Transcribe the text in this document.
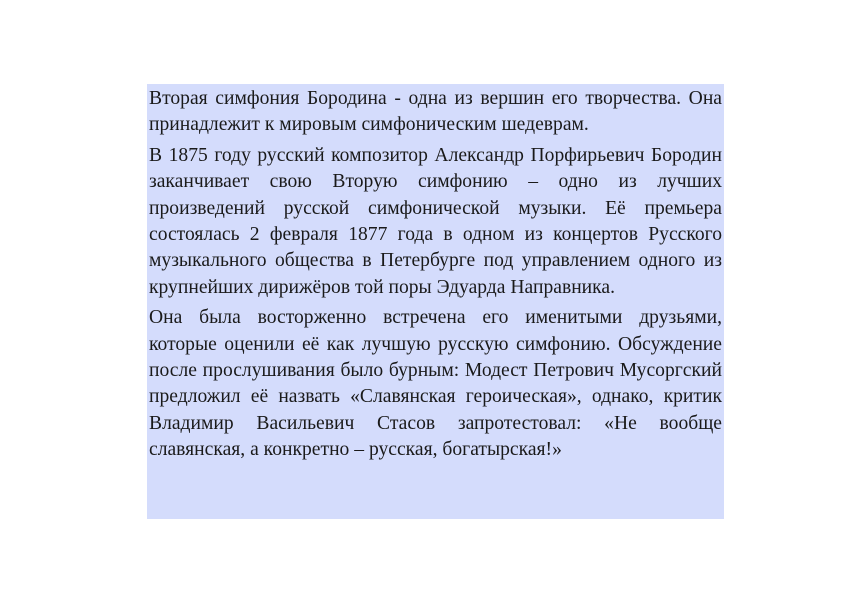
Вторая симфония Бородина - одна из вершин его творчества. Она принадлежит к мировым симфоническим шедеврам.

В 1875 году русский композитор Александр Порфирьевич Бородин заканчивает свою Вторую симфонию – одно из лучших произведений русской симфонической музыки. Её премьера состоялась 2 февраля 1877 года в одном из концертов Русского музыкального общества в Петербурге под управлением одного из крупнейших дирижёров той поры Эдуарда Направника.

Она была восторженно встречена его именитыми друзьями, которые оценили её как лучшую русскую симфонию. Обсуждение после прослушивания было бурным: Модест Петрович Мусоргский предложил её назвать «Славянская героическая», однако, критик Владимир Васильевич Стасов запротестовал: «Не вообще славянская, а конкретно – русская, богатырская!»
